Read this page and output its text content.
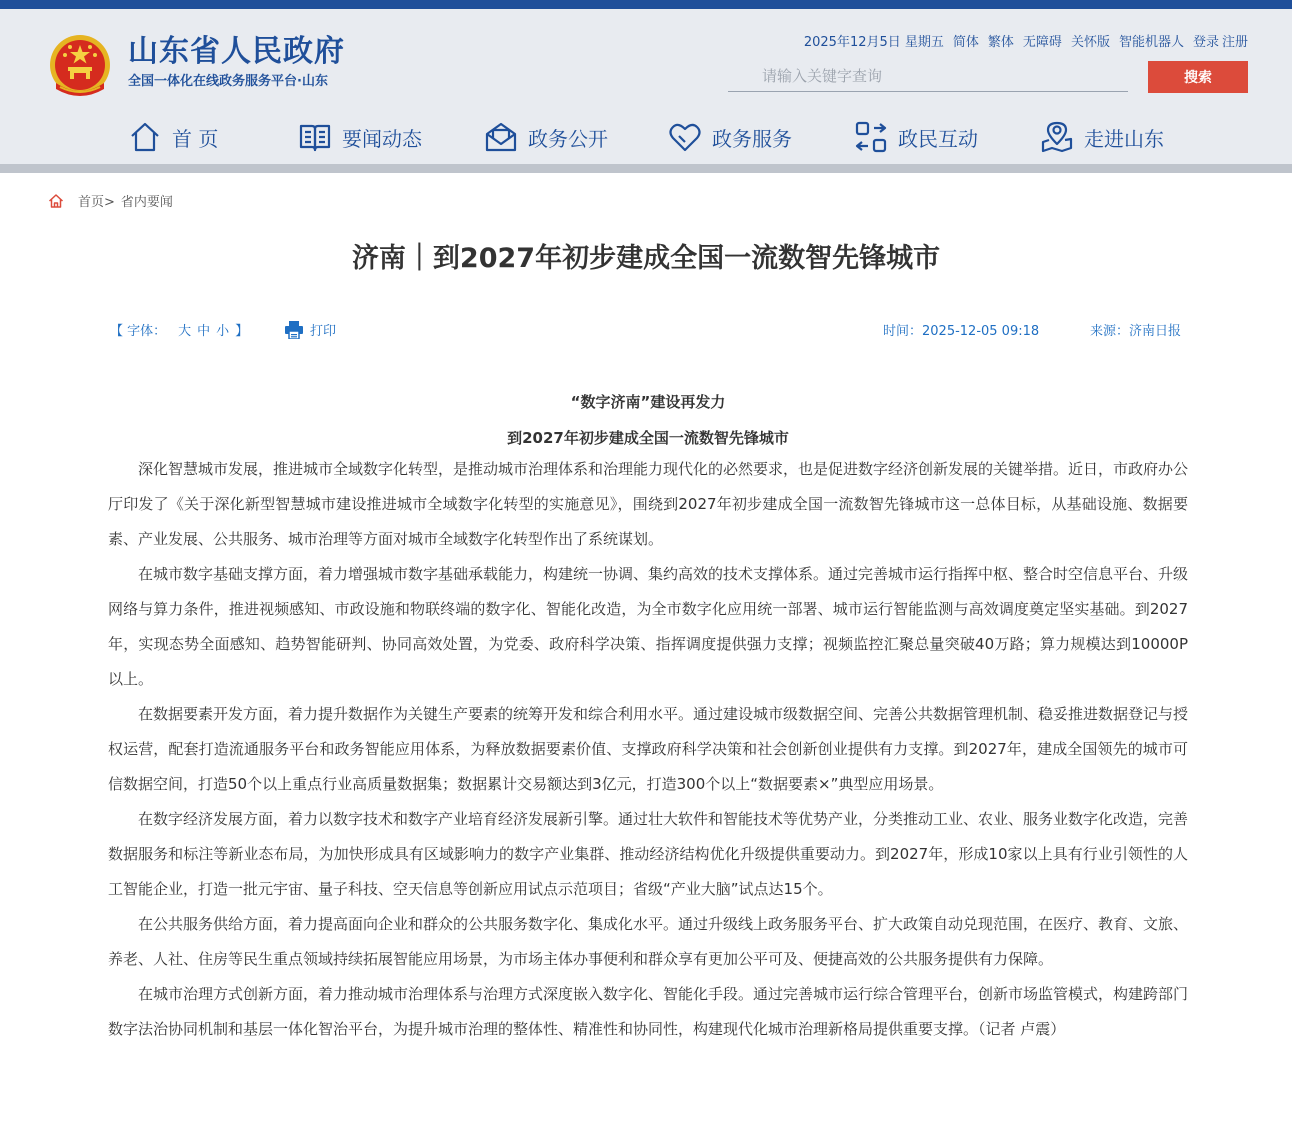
山东省人民政府
全国一体化在线政务服务平台·山东
2025年12月5日 星期五 简体 繁体 无障碍 关怀版 智能机器人 登录 注册
请输入关键字查询
搜索
首 页	要闻动态	政务公开	政务服务	政民互动	走进山东
首页> 省内要闻
济南｜到2027年初步建成全国一流数智先锋城市
【 字体： 大 中 小 】	打印	时间：2025-12-05 09:18	来源：济南日报
“数字济南”建设再发力
到2027年初步建成全国一流数智先锋城市

深化智慧城市发展，推进城市全域数字化转型，是推动城市治理体系和治理能力现代化的必然要求，也是促进数字经济创新发展的关键举措。近日，市政府办公厅印发了《关于深化新型智慧城市建设推进城市全域数字化转型的实施意见》，围绕到2027年初步建成全国一流数智先锋城市这一总体目标，从基础设施、数据要素、产业发展、公共服务、城市治理等方面对城市全域数字化转型作出了系统谋划。

在城市数字基础支撑方面，着力增强城市数字基础承载能力，构建统一协调、集约高效的技术支撑体系。通过完善城市运行指挥中枢、整合时空信息平台、升级网络与算力条件，推进视频感知、市政设施和物联终端的数字化、智能化改造，为全市数字化应用统一部署、城市运行智能监测与高效调度奠定坚实基础。到2027年，实现态势全面感知、趋势智能研判、协同高效处置，为党委、政府科学决策、指挥调度提供强力支撑；视频监控汇聚总量突破40万路；算力规模达到10000P以上。

在数据要素开发方面，着力提升数据作为关键生产要素的统筹开发和综合利用水平。通过建设城市级数据空间、完善公共数据管理机制、稳妥推进数据登记与授权运营，配套打造流通服务平台和政务智能应用体系，为释放数据要素价值、支撑政府科学决策和社会创新创业提供有力支撑。到2027年，建成全国领先的城市可信数据空间，打造50个以上重点行业高质量数据集；数据累计交易额达到3亿元，打造300个以上“数据要素×”典型应用场景。

在数字经济发展方面，着力以数字技术和数字产业培育经济发展新引擎。通过壮大软件和智能技术等优势产业，分类推动工业、农业、服务业数字化改造，完善数据服务和标注等新业态布局，为加快形成具有区域影响力的数字产业集群、推动经济结构优化升级提供重要动力。到2027年，形成10家以上具有行业引领性的人工智能企业，打造一批元宇宙、量子科技、空天信息等创新应用试点示范项目；省级“产业大脑”试点达15个。

在公共服务供给方面，着力提高面向企业和群众的公共服务数字化、集成化水平。通过升级线上政务服务平台、扩大政策自动兑现范围，在医疗、教育、文旅、养老、人社、住房等民生重点领域持续拓展智能应用场景，为市场主体办事便利和群众享有更加公平可及、便捷高效的公共服务提供有力保障。

在城市治理方式创新方面，着力推动城市治理体系与治理方式深度嵌入数字化、智能化手段。通过完善城市运行综合管理平台，创新市场监管模式，构建跨部门数字法治协同机制和基层一体化智治平台，为提升城市治理的整体性、精准性和协同性，构建现代化城市治理新格局提供重要支撑。（记者 卢震）
